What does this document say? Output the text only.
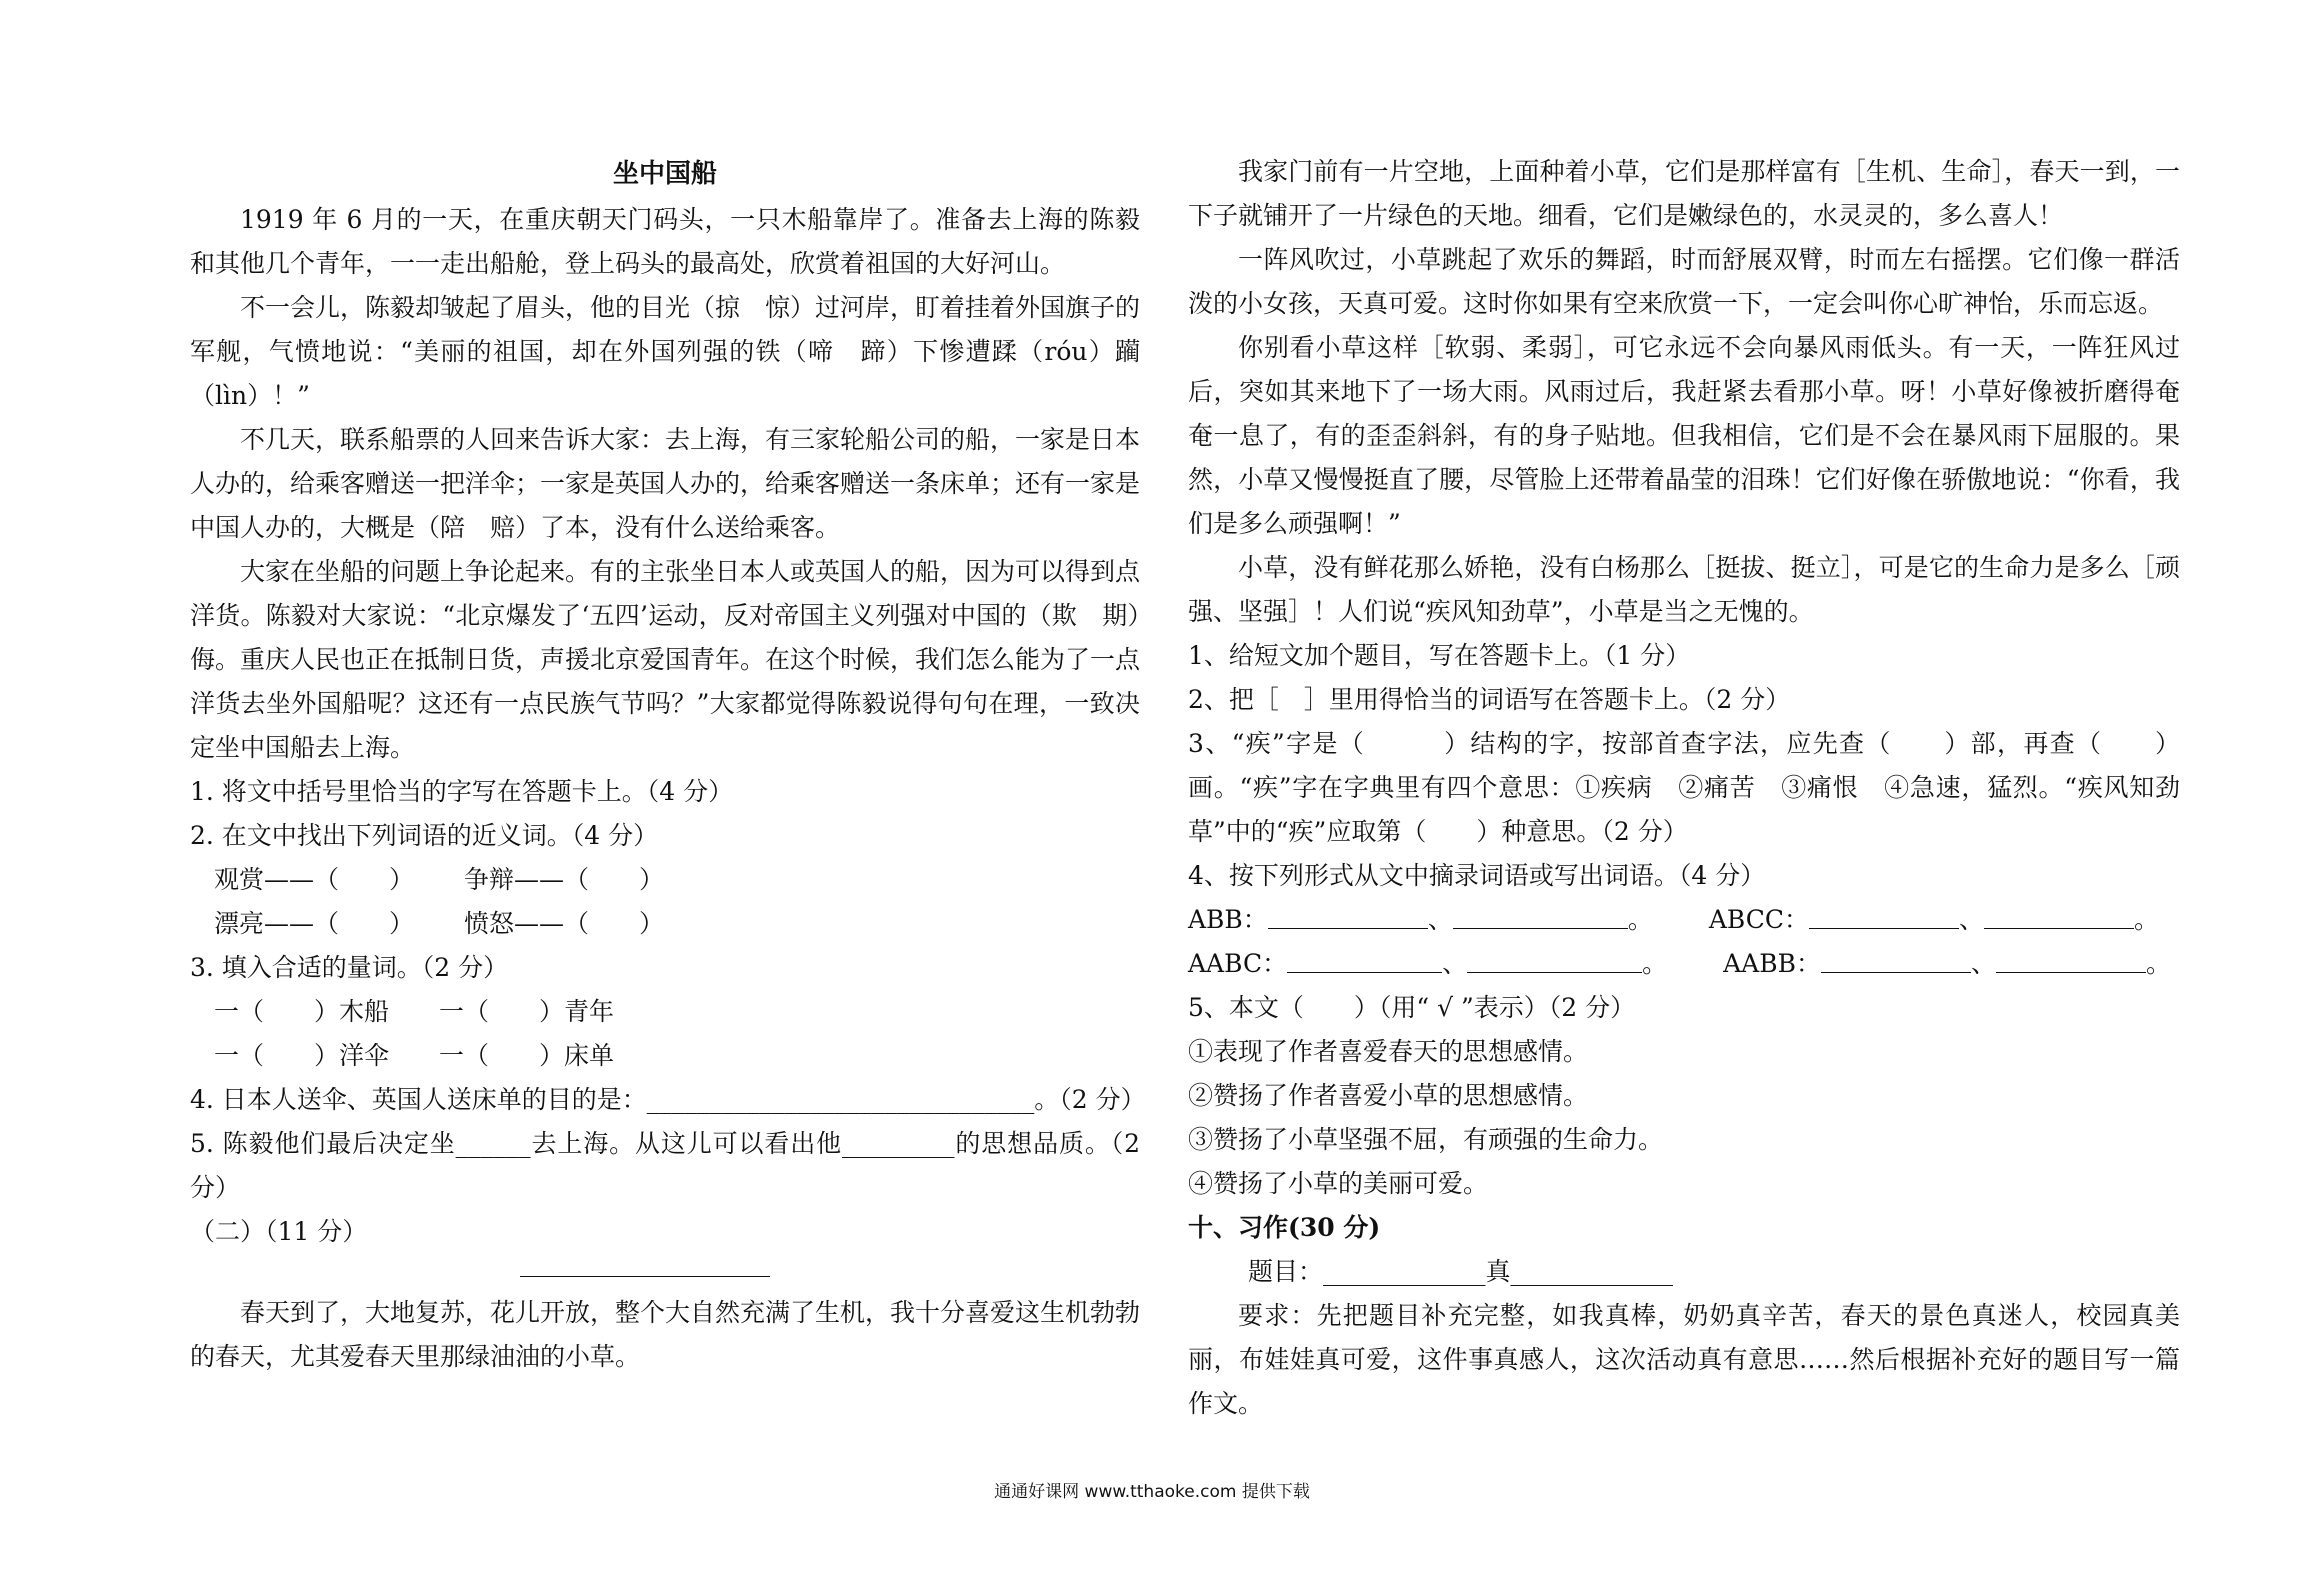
坐中国船

1919 年 6 月的一天，在重庆朝天门码头，一只木船靠岸了。准备去上海的陈毅和其他几个青年，一一走出船舱，登上码头的最高处，欣赏着祖国的大好河山。

不一会儿，陈毅却皱起了眉头，他的目光（掠　惊）过河岸，盯着挂着外国旗子的军舰，气愤地说：“美丽的祖国，却在外国列强的铁（啼　蹄）下惨遭蹂（róu）躏（lìn）！”

不几天，联系船票的人回来告诉大家：去上海，有三家轮船公司的船，一家是日本人办的，给乘客赠送一把洋伞；一家是英国人办的，给乘客赠送一条床单；还有一家是中国人办的，大概是（陪　赔）了本，没有什么送给乘客。

大家在坐船的问题上争论起来。有的主张坐日本人或英国人的船，因为可以得到点洋货。陈毅对大家说：“北京爆发了‘五四’运动，反对帝国主义列强对中国的（欺　期）侮。重庆人民也正在抵制日货，声援北京爱国青年。在这个时候，我们怎么能为了一点洋货去坐外国船呢？这还有一点民族气节吗？”大家都觉得陈毅说得句句在理，一致决定坐中国船去上海。

1. 将文中括号里恰当的字写在答题卡上。（4 分）

2. 在文中找出下列词语的近义词。（4 分）

观赏——（　　）	争辩——（　　）
漂亮——（　　）	愤怒——（　　）

3. 填入合适的量词。（2 分）

一（　　）木船	一（　　）青年
一（　　）洋伞	一（　　）床单

4. 日本人送伞、英国人送床单的目的是：_______________________________。（2 分）

5. 陈毅他们最后决定坐______去上海。从这儿可以看出他_________的思想品质。（2 分）

（二）（11 分）

春天到了，大地复苏，花儿开放，整个大自然充满了生机，我十分喜爱这生机勃勃的春天，尤其爱春天里那绿油油的小草。

我家门前有一片空地，上面种着小草，它们是那样富有［生机、生命］，春天一到，一下子就铺开了一片绿色的天地。细看，它们是嫩绿色的，水灵灵的，多么喜人！

一阵风吹过，小草跳起了欢乐的舞蹈，时而舒展双臂，时而左右摇摆。它们像一群活泼的小女孩，天真可爱。这时你如果有空来欣赏一下，一定会叫你心旷神怡，乐而忘返。

你别看小草这样［软弱、柔弱］，可它永远不会向暴风雨低头。有一天，一阵狂风过后，突如其来地下了一场大雨。风雨过后，我赶紧去看那小草。呀！小草好像被折磨得奄奄一息了，有的歪歪斜斜，有的身子贴地。但我相信，它们是不会在暴风雨下屈服的。果然，小草又慢慢挺直了腰，尽管脸上还带着晶莹的泪珠！它们好像在骄傲地说：“你看，我们是多么顽强啊！”

小草，没有鲜花那么娇艳，没有白杨那么［挺拔、挺立］，可是它的生命力是多么［顽强、坚强］！人们说“疾风知劲草”，小草是当之无愧的。

1、给短文加个题目，写在答题卡上。（1 分）

2、把［　］里用得恰当的词语写在答题卡上。（2 分）

3、“疾”字是（　　　）结构的字，按部首查字法，应先查（　　）部，再查（　　）画。“疾”字在字典里有四个意思：①疾病　②痛苦　③痛恨　④急速，猛烈。“疾风知劲草”中的“疾”应取第（　　）种意思。（2 分）

4、按下列形式从文中摘录词语或写出词语。（4 分）

ABB：	、	。 ABCC：	、	。
AABC：	、	。 AABB：	、	。

5、本文（　　）（用“ √ ”表示）（2 分）

①表现了作者喜爱春天的思想感情。

②赞扬了作者喜爱小草的思想感情。

③赞扬了小草坚强不屈，有顽强的生命力。

④赞扬了小草的美丽可爱。

十、习作(30 分)

题目：_____________真_____________

要求：先把题目补充完整，如我真棒，奶奶真辛苦，春天的景色真迷人，校园真美丽，布娃娃真可爱，这件事真感人，这次活动真有意思……然后根据补充好的题目写一篇作文。

通通好课网 www.tthaoke.com 提供下载
